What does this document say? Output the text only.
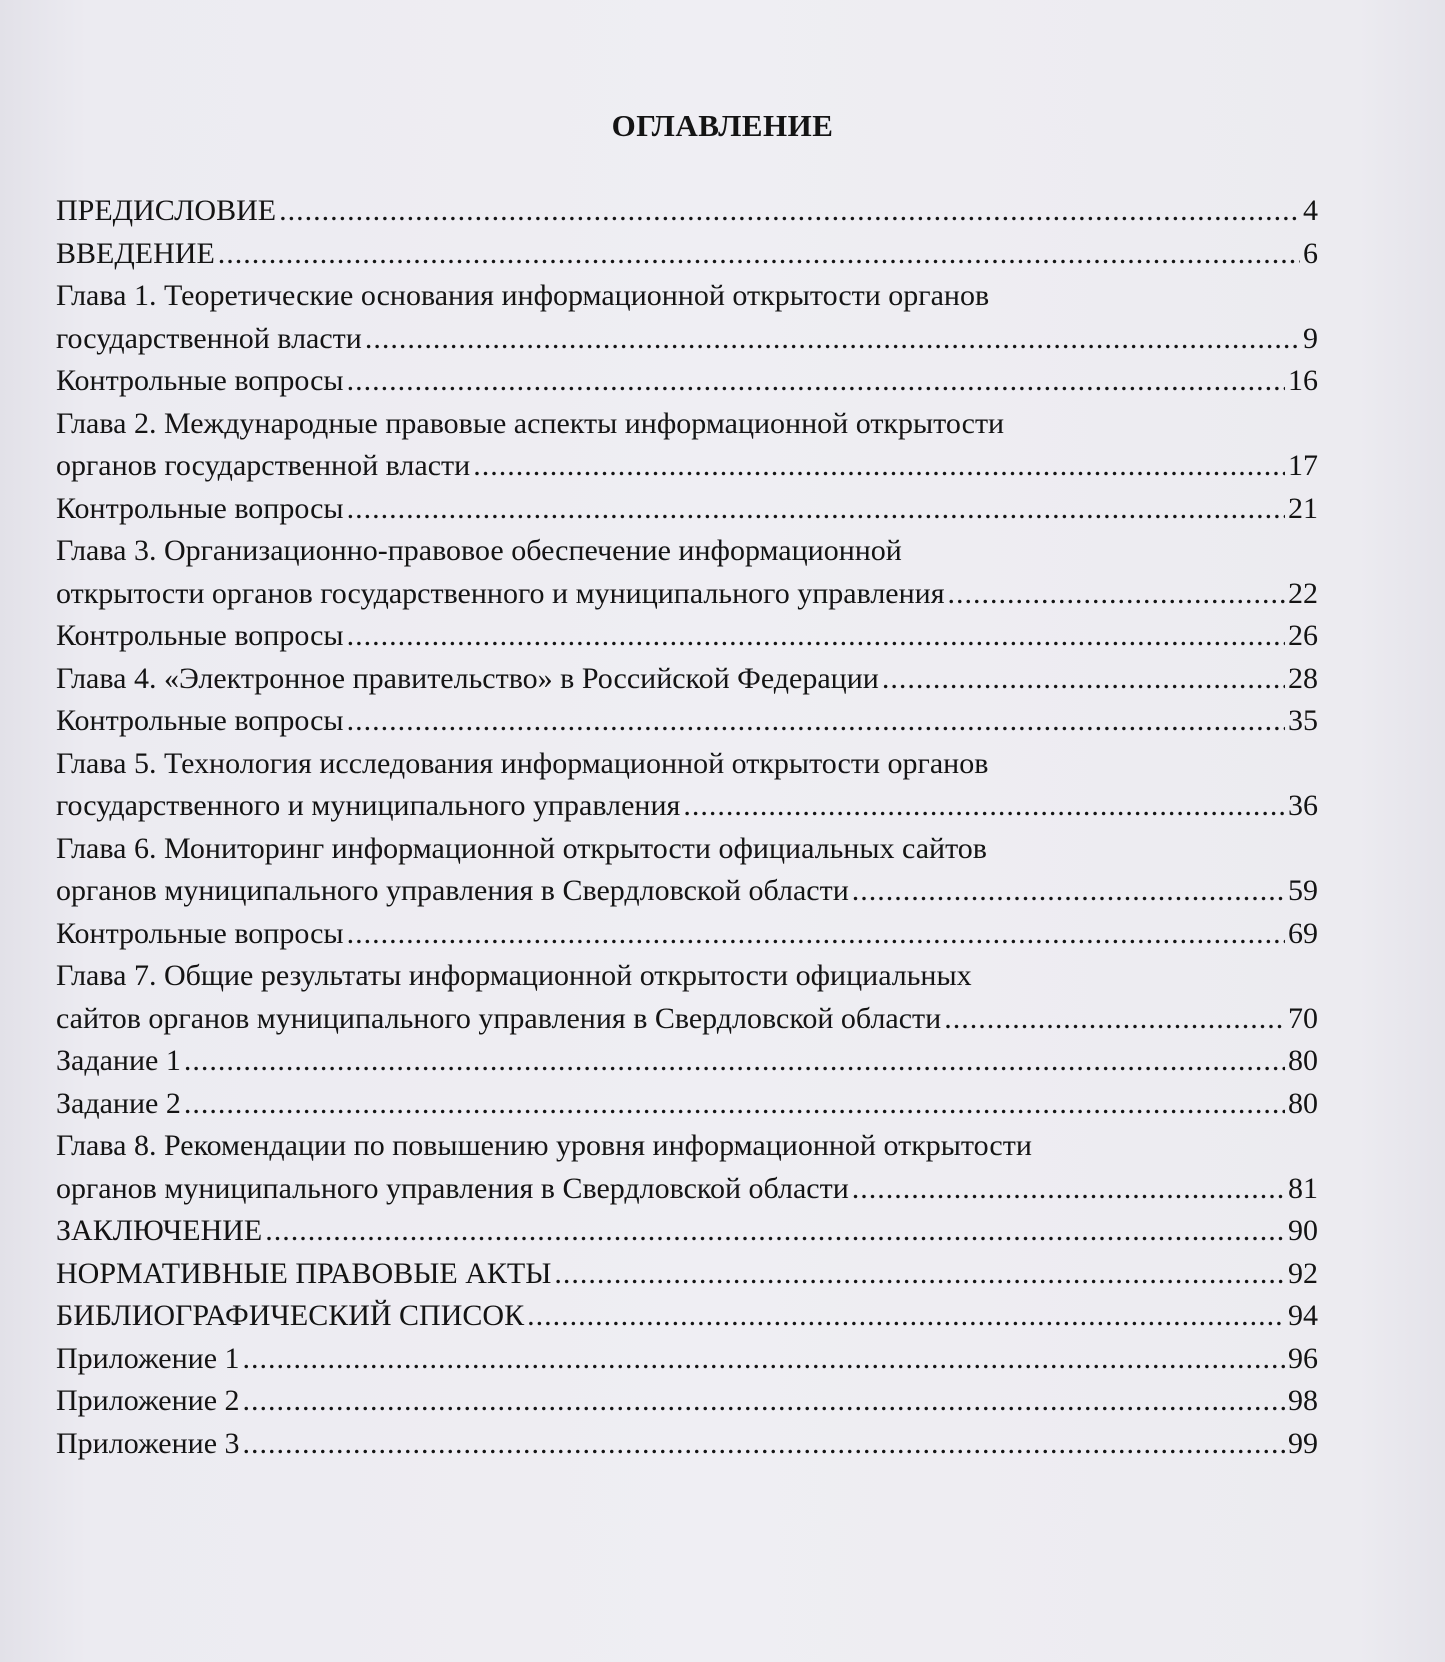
ОГЛАВЛЕНИЕ
ПРЕДИСЛОВИЕ .....	4
ВВЕДЕНИЕ .....	6
Глава 1. Теоретические основания информационной открытости органов
государственной власти .....	9
Контрольные вопросы .....	16
Глава 2. Международные правовые аспекты информационной открытости
органов государственной власти .....	17
Контрольные вопросы .....	21
Глава 3. Организационно-правовое обеспечение информационной
открытости органов государственного и муниципального управления .....	22
Контрольные вопросы .....	26
Глава 4. «Электронное правительство» в Российской Федерации .....	28
Контрольные вопросы .....	35
Глава 5. Технология исследования информационной открытости органов
государственного и муниципального управления .....	36
Глава 6. Мониторинг информационной открытости официальных сайтов
органов муниципального управления в Свердловской области .....	59
Контрольные вопросы .....	69
Глава 7. Общие результаты информационной открытости официальных
сайтов органов муниципального управления в Свердловской области .....	70
Задание 1 .....	80
Задание 2 .....	80
Глава 8. Рекомендации по повышению уровня информационной открытости
органов муниципального управления в Свердловской области .....	81
ЗАКЛЮЧЕНИЕ .....	90
НОРМАТИВНЫЕ ПРАВОВЫЕ АКТЫ .....	92
БИБЛИОГРАФИЧЕСКИЙ СПИСОК .....	94
Приложение 1 .....	96
Приложение 2 .....	98
Приложение 3 .....	99
